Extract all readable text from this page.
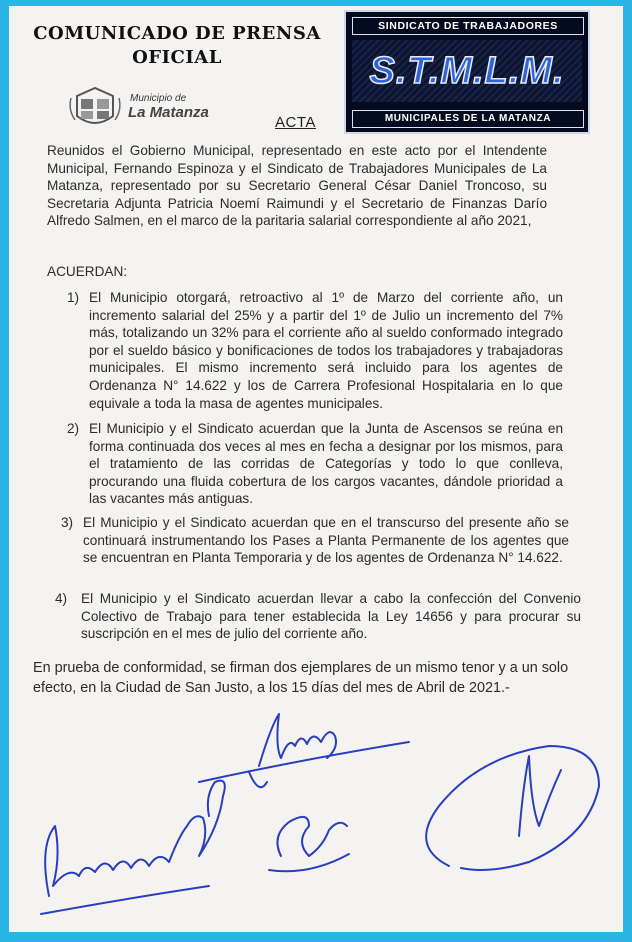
COMUNICADO DE PRENSA
OFICIAL
SINDICATO DE TRABAJADORES
S.T.M.L.M.
MUNICIPALES DE LA MATANZA
Municipio de
La Matanza
ACTA
Reunidos el Gobierno Municipal, representado en este acto por el Intendente Municipal, Fernando Espinoza y el Sindicato de Trabajadores Municipales de La Matanza, representado por su Secretario General César Daniel Troncoso, su Secretaria Adjunta Patricia Noemí Raimundi y el Secretario de Finanzas Darío Alfredo Salmen, en el marco de la paritaria salarial correspondiente al año 2021,
ACUERDAN:
1) El Municipio otorgará, retroactivo al 1º de Marzo del corriente año, un incremento salarial del 25% y a partir del 1º de Julio un incremento del 7% más, totalizando un 32% para el corriente año al sueldo conformado integrado por el sueldo básico y bonificaciones de todos los trabajadores y trabajadoras municipales. El mismo incremento será incluido para los agentes de Ordenanza N° 14.622 y los de Carrera Profesional Hospitalaria en lo que equivale a toda la masa de agentes municipales.
2) El Municipio y el Sindicato acuerdan que la Junta de Ascensos se reúna en forma continuada dos veces al mes en fecha a designar por los mismos, para el tratamiento de las corridas de Categorías y todo lo que conlleva, procurando una fluida cobertura de los cargos vacantes, dándole prioridad a las vacantes más antiguas.
3) El Municipio y el Sindicato acuerdan que en el transcurso del presente año se continuará instrumentando los Pases a Planta Permanente de los agentes que se encuentran en Planta Temporaria y de los agentes de Ordenanza N° 14.622.
4) El Municipio y el Sindicato acuerdan llevar a cabo la confección del Convenio Colectivo de Trabajo para tener establecida la Ley 14656 y para procurar su suscripción en el mes de julio del corriente año.
En prueba de conformidad, se firman dos ejemplares de un mismo tenor y a un solo efecto, en la Ciudad de San Justo, a los 15 días del mes de Abril de 2021.-
